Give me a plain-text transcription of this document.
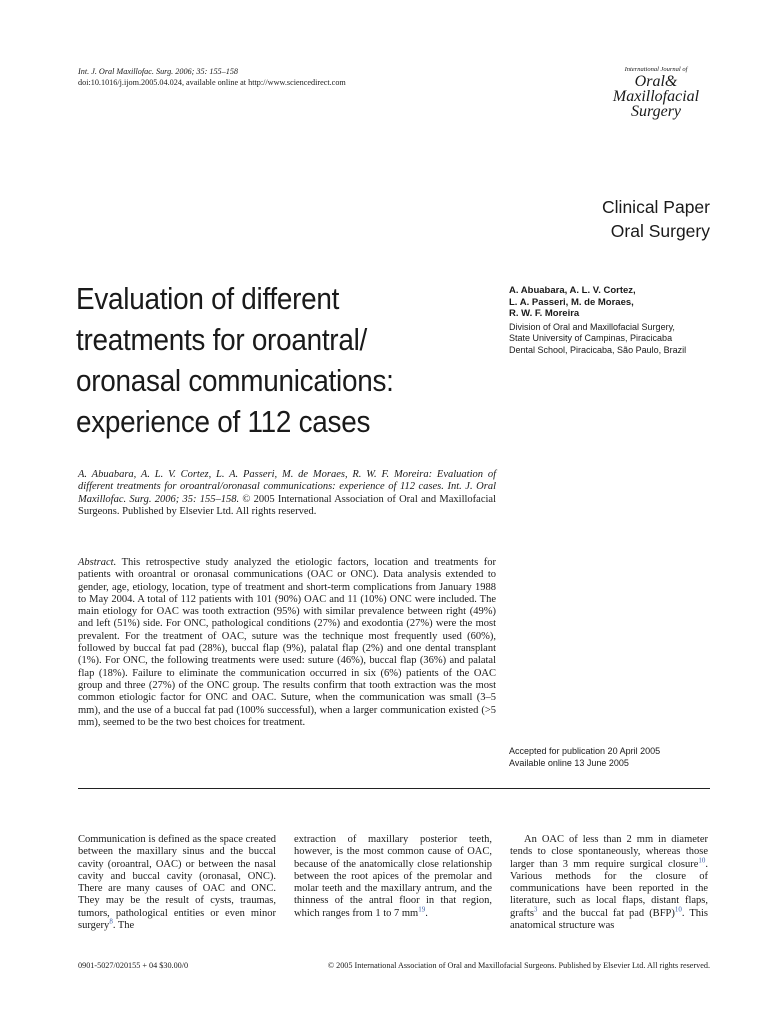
Int. J. Oral Maxillofac. Surg. 2006; 35: 155–158
doi:10.1016/j.ijom.2005.04.024, available online at http://www.sciencedirect.com
International Journal of
Oral&
Maxillofacial
Surgery
Clinical Paper
Oral Surgery
Evaluation of different treatments for oroantral/ oronasal communications: experience of 112 cases
A. Abuabara, A. L. V. Cortez,
L. A. Passeri, M. de Moraes,
R. W. F. Moreira
Division of Oral and Maxillofacial Surgery,
State University of Campinas, Piracicaba
Dental School, Piracicaba, São Paulo, Brazil

A. Abuabara, A. L. V. Cortez, L. A. Passeri, M. de Moraes, R. W. F. Moreira: Evaluation of different treatments for oroantral/oronasal communications: experience of 112 cases. Int. J. Oral Maxillofac. Surg. 2006; 35: 155–158. © 2005 International Association of Oral and Maxillofacial Surgeons. Published by Elsevier Ltd. All rights reserved.

Abstract. This retrospective study analyzed the etiologic factors, location and treatments for patients with oroantral or oronasal communications (OAC or ONC). Data analysis extended to gender, age, etiology, location, type of treatment and short-term complications from January 1988 to May 2004. A total of 112 patients with 101 (90%) OAC and 11 (10%) ONC were included. The main etiology for OAC was tooth extraction (95%) with similar prevalence between right (49%) and left (51%) side. For ONC, pathological conditions (27%) and exodontia (27%) were the most prevalent. For the treatment of OAC, suture was the technique most frequently used (60%), followed by buccal fat pad (28%), buccal flap (9%), palatal flap (2%) and one dental transplant (1%). For ONC, the following treatments were used: suture (46%), buccal flap (36%) and palatal flap (18%). Failure to eliminate the communication occurred in six (6%) patients of the OAC group and three (27%) of the ONC group. The results confirm that tooth extraction was the most common etiologic factor for ONC and OAC. Suture, when the communication was small (3–5 mm), and the use of a buccal fat pad (100% successful), when a larger communication existed (>5 mm), seemed to be the two best choices for treatment.

Accepted for publication 20 April 2005
Available online 13 June 2005

Communication is defined as the space created between the maxillary sinus and the buccal cavity (oroantral, OAC) or between the nasal cavity and buccal cavity (oronasal, ONC). There are many causes of OAC and ONC. They may be the result of cysts, traumas, tumors, pathological entities or even minor surgery$^8$. The

extraction of maxillary posterior teeth, however, is the most common cause of OAC, because of the anatomically close relationship between the root apices of the premolar and molar teeth and the maxillary antrum, and the thinness of the antral floor in that region, which ranges from 1 to 7 $mm^{19}$.

An OAC of less than 2 mm in diameter tends to close spontaneously, whereas those larger than 3 mm require surgical closure$^{10}$. Various methods for the closure of communications have been reported in the literature, such as local flaps, distant flaps, grafts$^3$ and the buccal fat pad (BFP)$^{10}$. This anatomical structure was

0901-5027/020155 + 04 $30.00/0	© 2005 International Association of Oral and Maxillofacial Surgeons. Published by Elsevier Ltd. All rights reserved.
